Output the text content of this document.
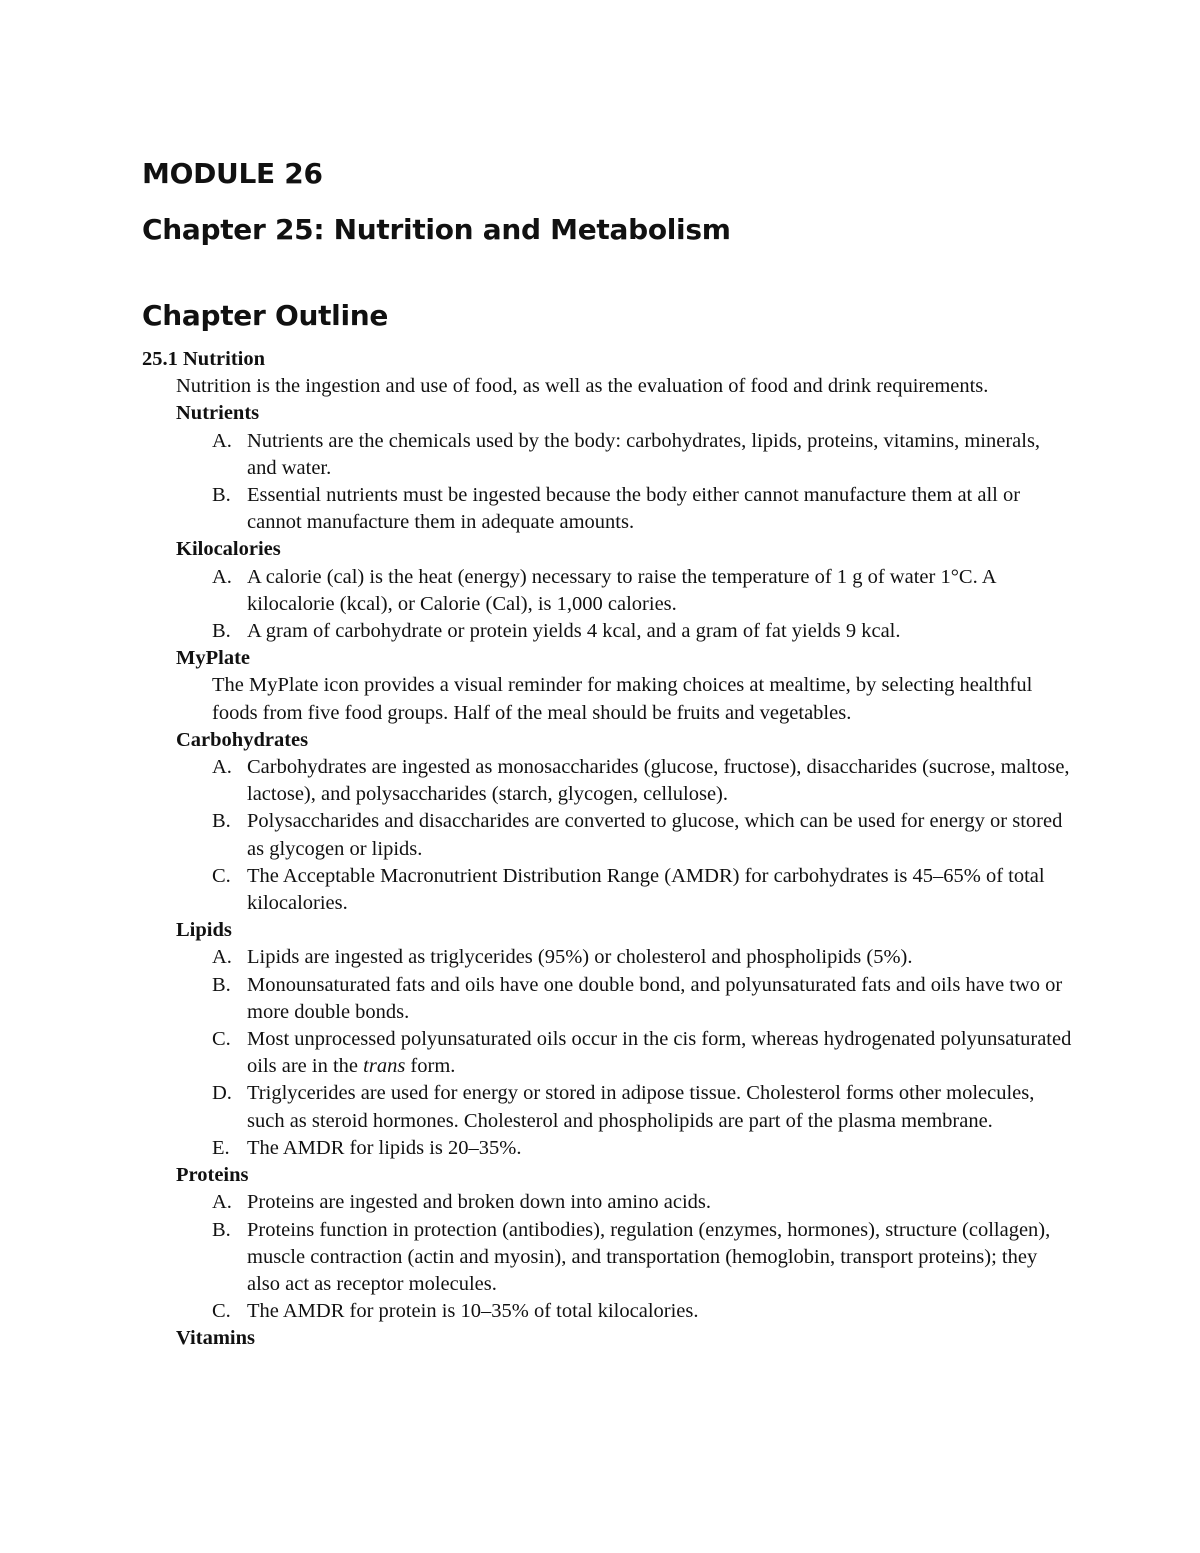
MODULE 26
Chapter 25: Nutrition and Metabolism
Chapter Outline

25.1 Nutrition

Nutrition is the ingestion and use of food, as well as the evaluation of food and drink requirements.

Nutrients

A. Nutrients are the chemicals used by the body: carbohydrates, lipids, proteins, vitamins, minerals, and water.
B. Essential nutrients must be ingested because the body either cannot manufacture them at all or cannot manufacture them in adequate amounts.

Kilocalories

A. A calorie (cal) is the heat (energy) necessary to raise the temperature of 1 g of water 1°C. A kilocalorie (kcal), or Calorie (Cal), is 1,000 calories.
B. A gram of carbohydrate or protein yields 4 kcal, and a gram of fat yields 9 kcal.

MyPlate

The MyPlate icon provides a visual reminder for making choices at mealtime, by selecting healthful foods from five food groups. Half of the meal should be fruits and vegetables.

Carbohydrates

A. Carbohydrates are ingested as monosaccharides (glucose, fructose), disaccharides (sucrose, maltose, lactose), and polysaccharides (starch, glycogen, cellulose).
B. Polysaccharides and disaccharides are converted to glucose, which can be used for energy or stored as glycogen or lipids.
C. The Acceptable Macronutrient Distribution Range (AMDR) for carbohydrates is 45–65% of total kilocalories.

Lipids

A. Lipids are ingested as triglycerides (95%) or cholesterol and phospholipids (5%).
B. Monounsaturated fats and oils have one double bond, and polyunsaturated fats and oils have two or more double bonds.
C. Most unprocessed polyunsaturated oils occur in the cis form, whereas hydrogenated polyunsaturated oils are in the trans form.
D. Triglycerides are used for energy or stored in adipose tissue. Cholesterol forms other molecules, such as steroid hormones. Cholesterol and phospholipids are part of the plasma membrane.
E. The AMDR for lipids is 20–35%.

Proteins

A. Proteins are ingested and broken down into amino acids.
B. Proteins function in protection (antibodies), regulation (enzymes, hormones), structure (collagen), muscle contraction (actin and myosin), and transportation (hemoglobin, transport proteins); they also act as receptor molecules.
C. The AMDR for protein is 10–35% of total kilocalories.

Vitamins
